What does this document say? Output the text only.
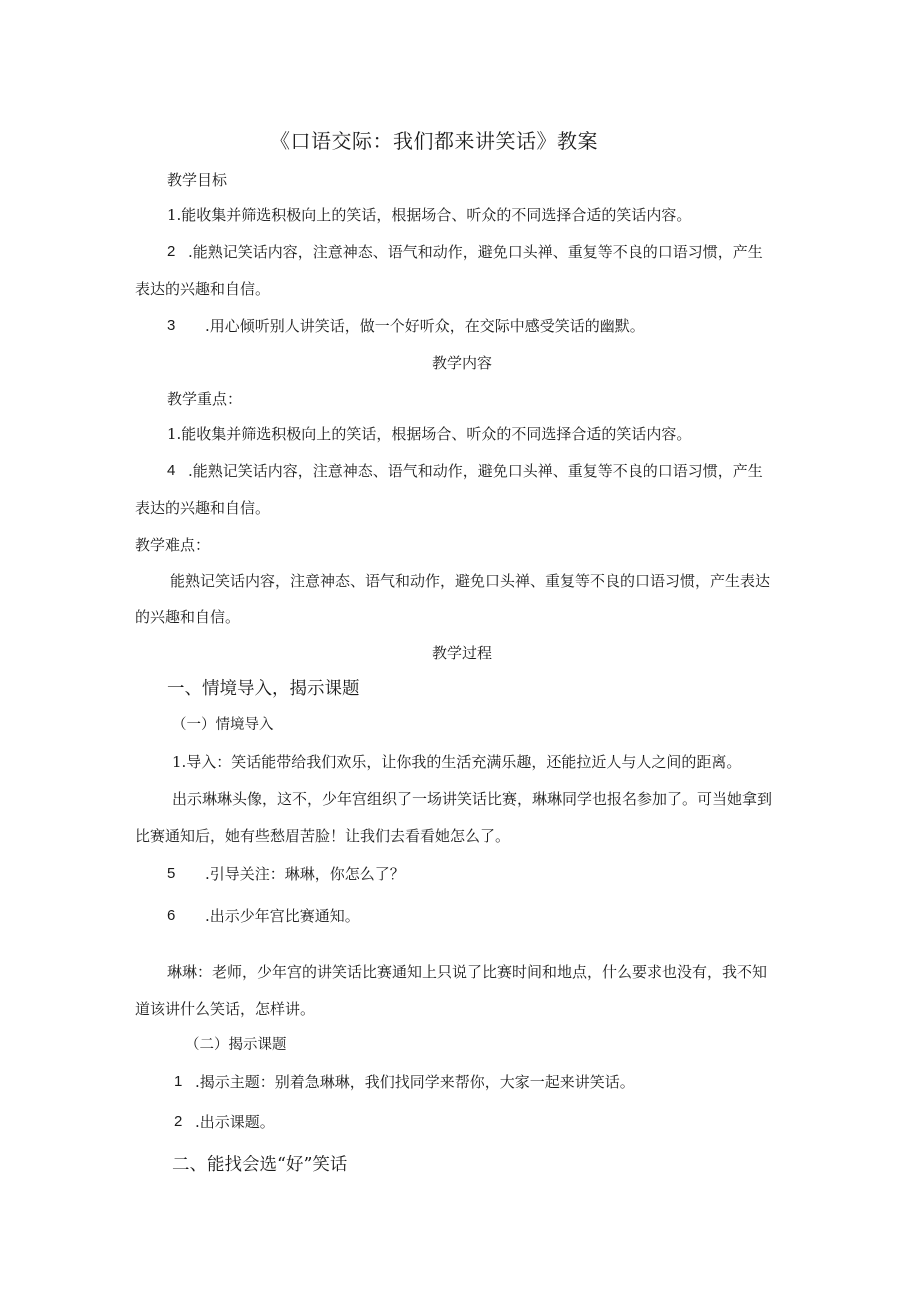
《口语交际：我们都来讲笑话》教案
教学目标
1.能收集并筛选积极向上的笑话，根据场合、听众的不同选择合适的笑话内容。
2 .能熟记笑话内容，注意神态、语气和动作，避免口头禅、重复等不良的口语习惯，产生
表达的兴趣和自信。
3 .用心倾听别人讲笑话，做一个好听众，在交际中感受笑话的幽默。
教学内容
教学重点：
1.能收集并筛选积极向上的笑话，根据场合、听众的不同选择合适的笑话内容。
4 .能熟记笑话内容，注意神态、语气和动作，避免口头禅、重复等不良的口语习惯，产生
表达的兴趣和自信。
教学难点：
能熟记笑话内容，注意神态、语气和动作，避免口头禅、重复等不良的口语习惯，产生表达
的兴趣和自信。
教学过程
一、情境导入，揭示课题
（一）情境导入
1.导入：笑话能带给我们欢乐，让你我的生活充满乐趣，还能拉近人与人之间的距离。
出示琳琳头像，这不，少年宫组织了一场讲笑话比赛，琳琳同学也报名参加了。可当她拿到
比赛通知后，她有些愁眉苦脸！让我们去看看她怎么了。
5 .引导关注：琳琳，你怎么了？
6 .出示少年宫比赛通知。
琳琳：老师，少年宫的讲笑话比赛通知上只说了比赛时间和地点，什么要求也没有，我不知
道该讲什么笑话，怎样讲。
（二）揭示课题
1 .揭示主题：别着急琳琳，我们找同学来帮你，大家一起来讲笑话。
2 .出示课题。
二、能找会选“好”笑话
